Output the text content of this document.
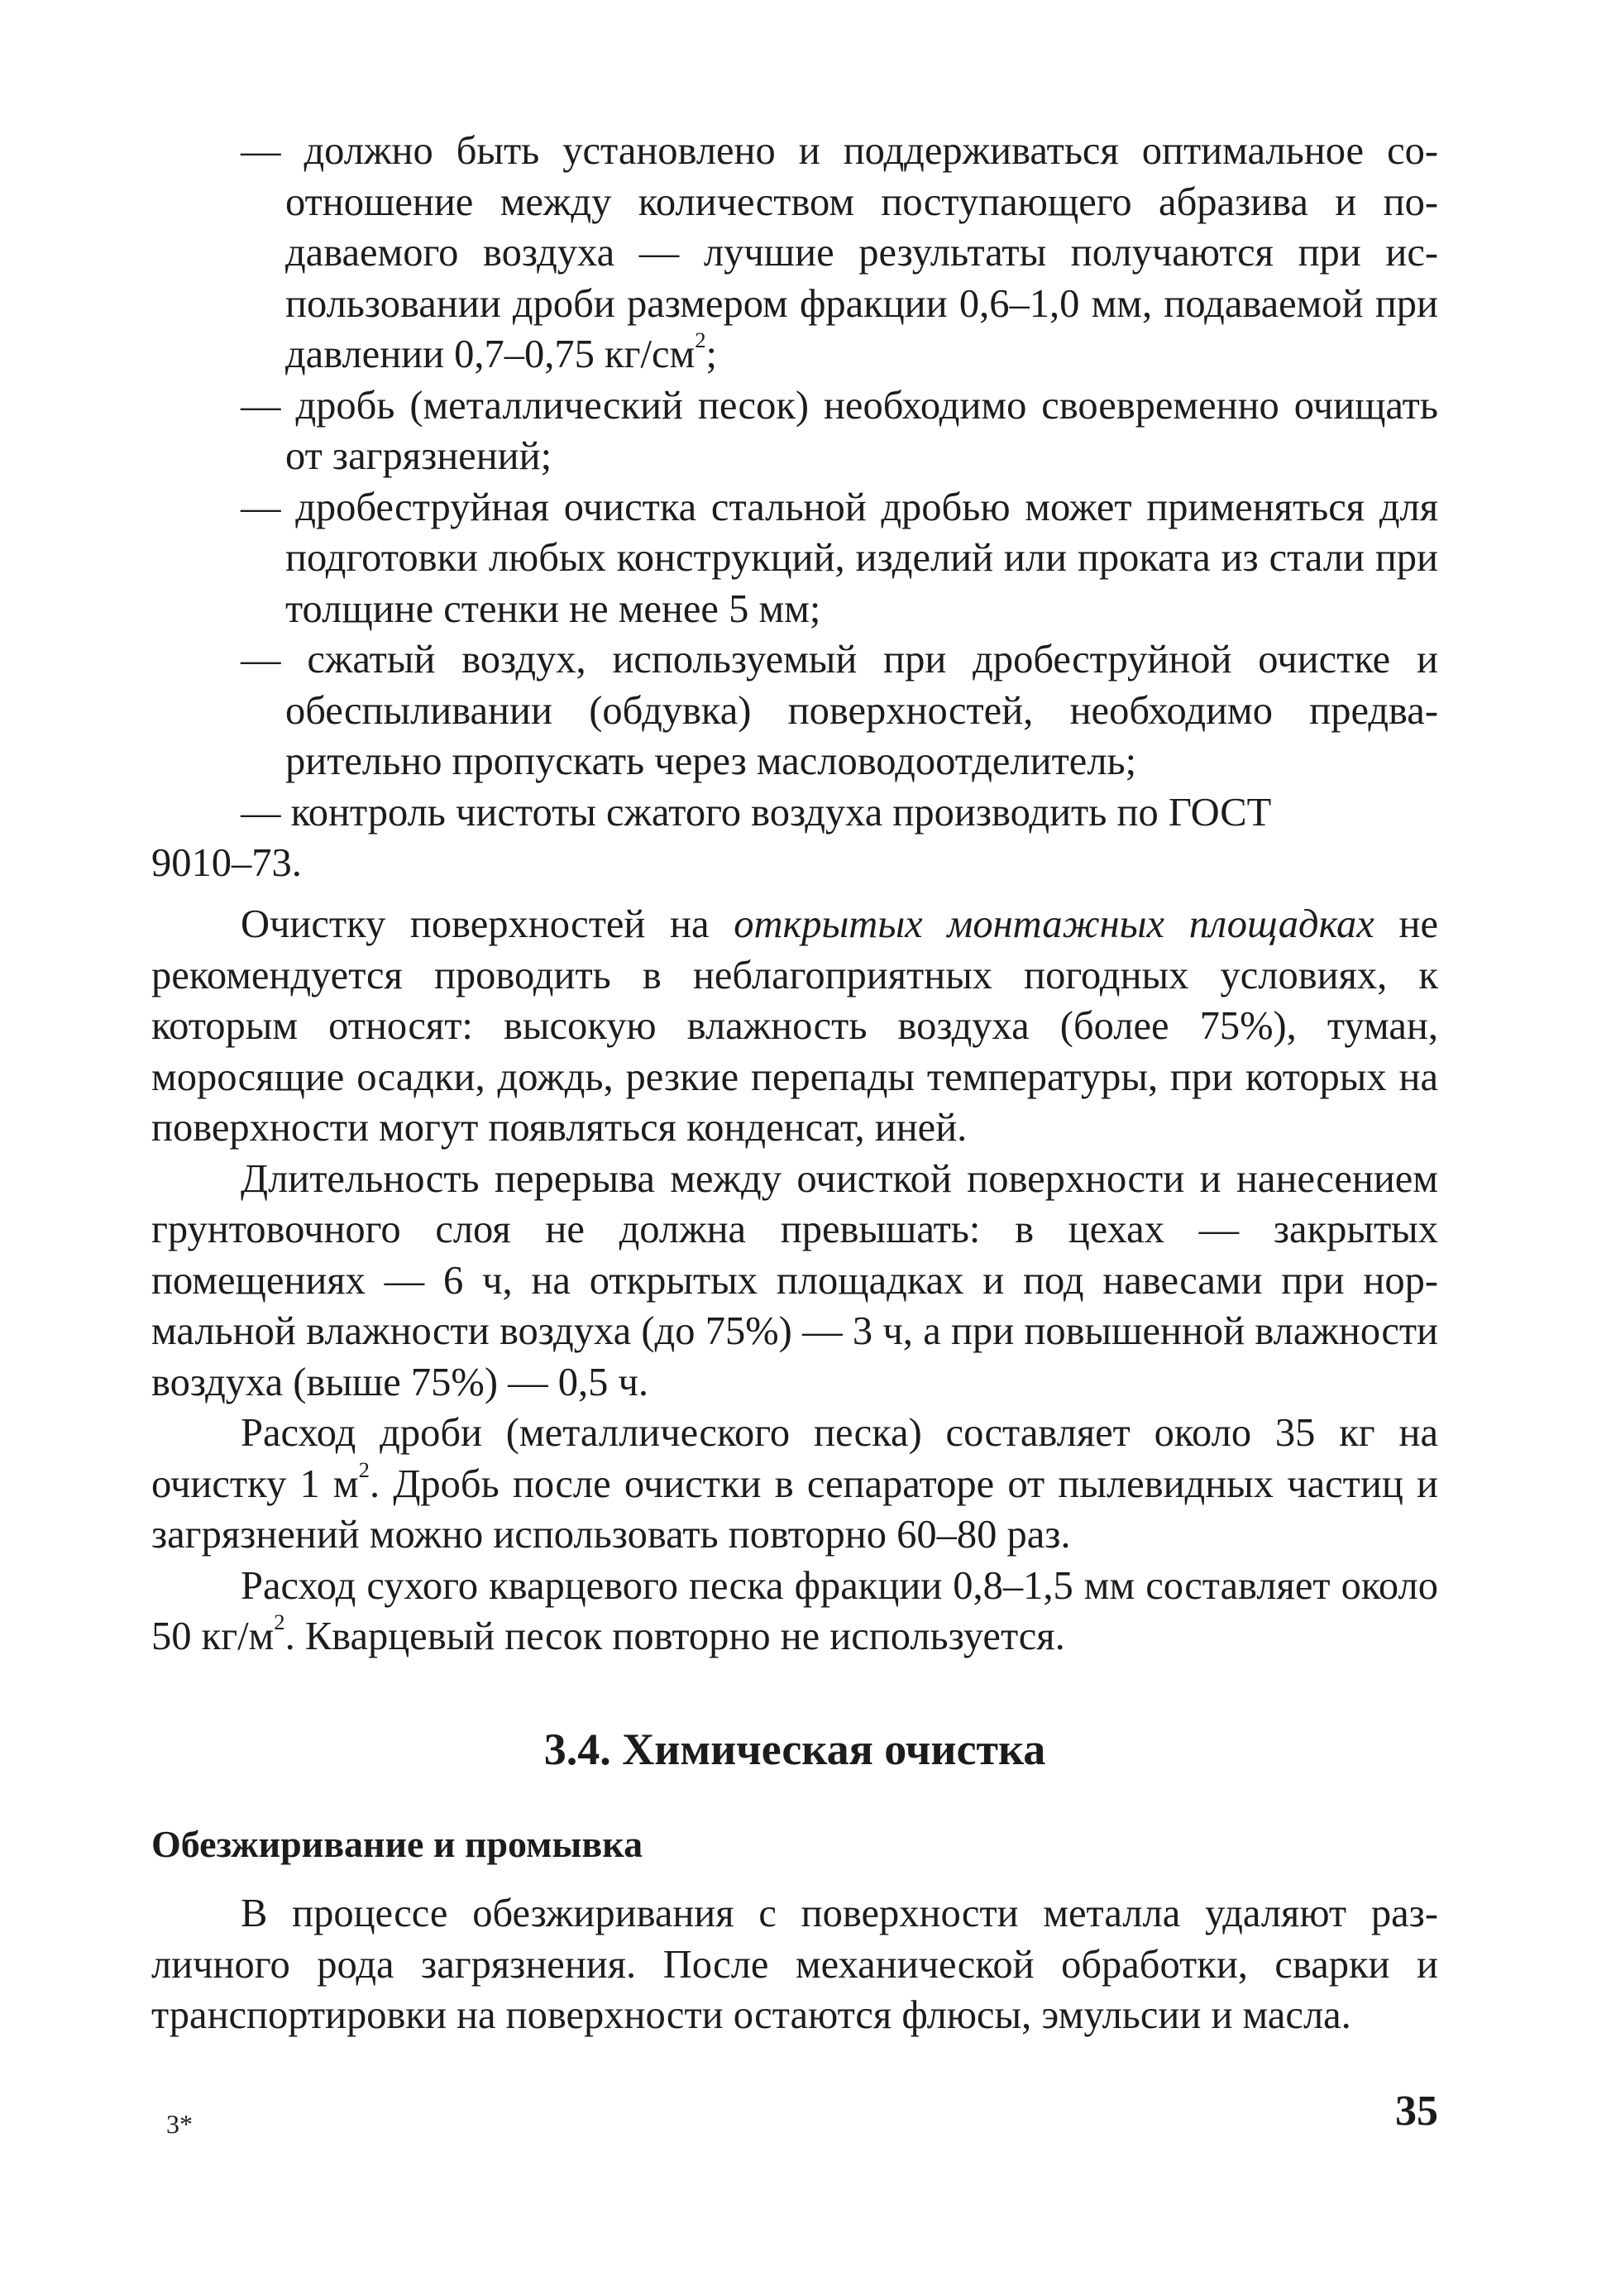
— должно быть установлено и поддерживаться оптимальное соотношение между количеством поступающего абразива и подаваемого воздуха — лучшие результаты получаются при использовании дроби размером фракции 0,6–1,0 мм, подаваемой при давлении 0,7–0,75 $кг/см^2$;

— дробь (металлический песок) необходимо своевременно очищать от загрязнений;

— дробеструйная очистка стальной дробью может применяться для подготовки любых конструкций, изделий или проката из стали при толщине стенки не менее 5 мм;

— сжатый воздух, используемый при дробеструйной очистке и обеспыливании (обдувка) поверхностей, необходимо предварительно пропускать через масловодоотделитель;

— контроль чистоты сжатого воздуха производить по ГОСТ
9010–73.

Очистку поверхностей на открытых монтажных площадках не рекомендуется проводить в неблагоприятных погодных условиях, к которым относят: высокую влажность воздуха (более 75%), туман, моросящие осадки, дождь, резкие перепады температуры, при которых на поверхности могут появляться конденсат, иней.

Длительность перерыва между очисткой поверхности и нанесением грунтовочного слоя не должна превышать: в цехах — закрытых помещениях — 6 ч, на открытых площадках и под навесами при нормальной влажности воздуха (до 75%) — 3 ч, а при повышенной влажности воздуха (выше 75%) — 0,5 ч.

Расход дроби (металлического песка) составляет около 35 кг на очистку 1 $м^2$. Дробь после очистки в сепараторе от пылевидных частиц и загрязнений можно использовать повторно 60–80 раз.

Расход сухого кварцевого песка фракции 0,8–1,5 мм составляет около 50 $кг/м^2$. Кварцевый песок повторно не используется.

3.4. Химическая очистка
Обезжиривание и промывка

В процессе обезжиривания с поверхности металла удаляют различного рода загрязнения. После механической обработки, сварки и транспортировки на поверхности остаются флюсы, эмульсии и масла.

3*	35
